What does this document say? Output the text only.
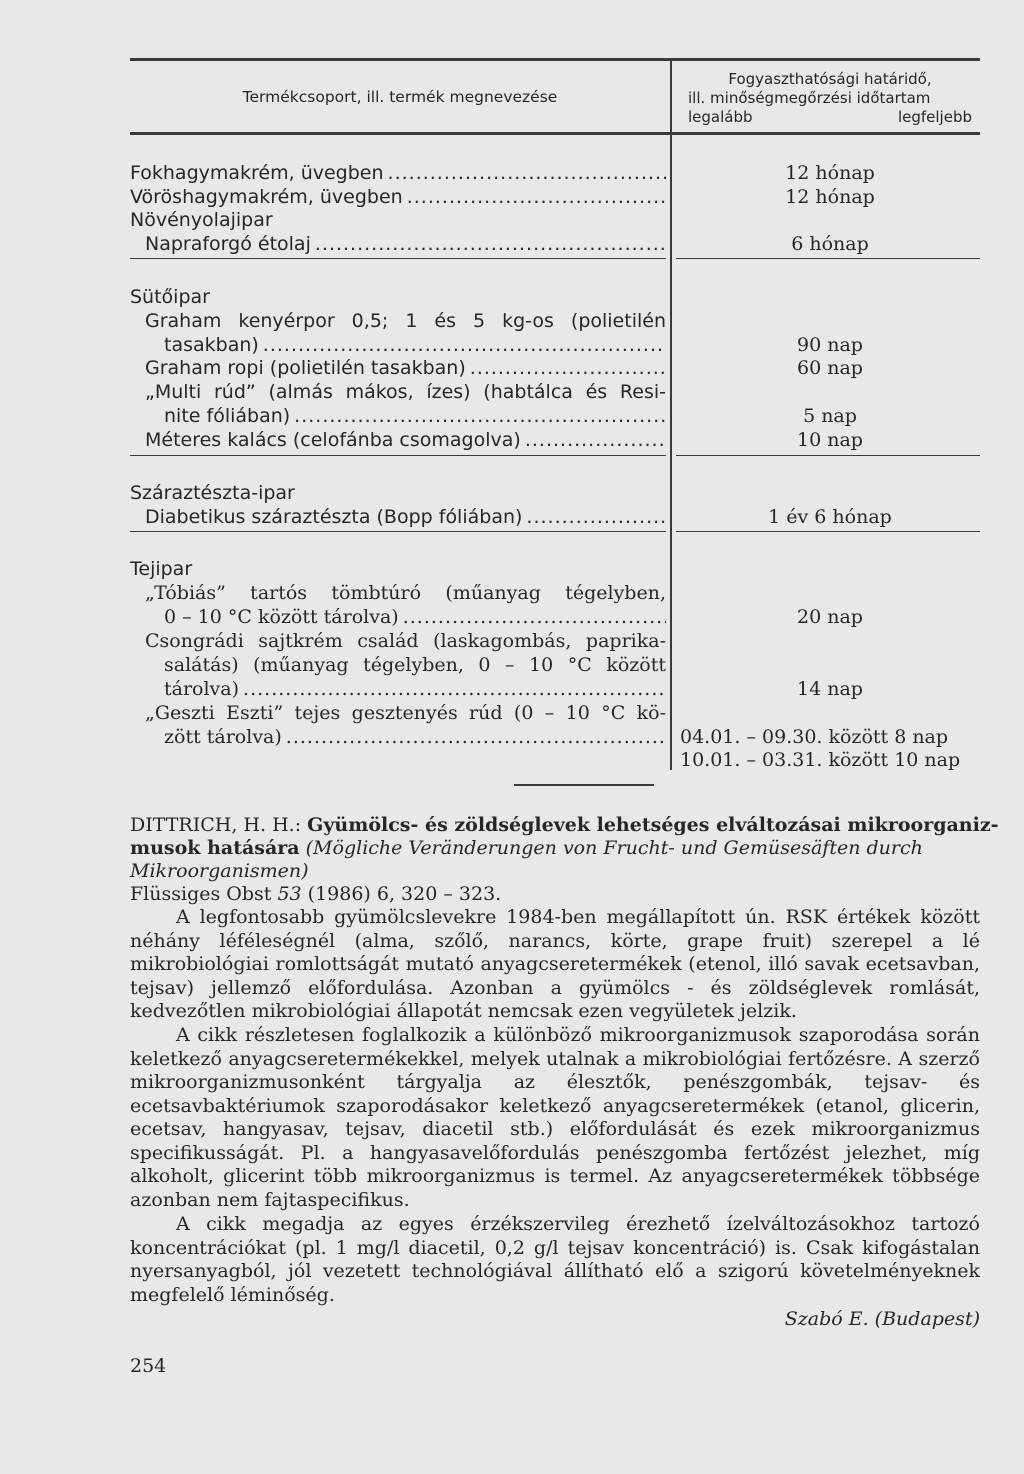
Termékcsoport, ill. termék megnevezése
Fogyaszthatósági határidő,
ill. minőségmegőrzési időtartam
legalább	legfeljebb
Fokhagymakrém, üvegben .....	12 hónap
Vöröshagymakrém, üvegben .....	12 hónap
Növényolajipar
Napraforgó étolaj .....	6 hónap
Sütőipar
Graham kenyérpor 0,5; 1 és 5 kg-os (polietilén
tasakban) .....	90 nap
Graham ropi (polietilén tasakban) .....	60 nap
„Multi rúd” (almás mákos, ízes) (habtálca és Resi-
nite fóliában) .....	5 nap
Méteres kalács (celofánba csomagolva) .....	10 nap
Száraztészta-ipar
Diabetikus száraztészta (Bopp fóliában) .....	1 év 6 hónap
Tejipar
„Tóbiás” tartós tömbtúró (műanyag tégelyben,
0 – 10 °C között tárolva) .....	20 nap
Csongrádi sajtkrém család (laskagombás, paprika-
salátás) (műanyag tégelyben, 0 – 10 °C között
tárolva) .....	14 nap
„Geszti Eszti” tejes gesztenyés rúd (0 – 10 °C kö-
zött tárolva) .....	04.01. – 09.30. között 8 nap
10.01. – 03.31. között 10 nap
DITTRICH, H. H.: Gyümölcs- és zöldséglevek lehetséges elváltozásai mikroorganiz-
musok hatására (Mögliche Veränderungen von Frucht- und Gemüsesäften durch
Mikroorganismen)
Flüssiges Obst 53 (1986) 6, 320 – 323.
A legfontosabb gyümölcslevekre 1984-ben megállapított ún. RSK értékek között néhány léféleségnél (alma, szőlő, narancs, körte, grape fruit) szerepel a lé mikrobiológiai romlottságát mutató anyagcseretermékek (etenol, illó savak ecetsavban, tejsav) jellemző előfordulása. Azonban a gyümölcs - és zöldséglevek romlását, kedvezőtlen mikrobiológiai állapotát nemcsak ezen vegyületek jelzik.
A cikk részletesen foglalkozik a különböző mikroorganizmusok szaporodása során keletkező anyagcseretermékekkel, melyek utalnak a mikrobiológiai fertőzésre. A szerző mikroorganizmusonként tárgyalja az élesztők, penészgombák, tejsav- és ecetsavbaktériumok szaporodásakor keletkező anyagcseretermékek (etanol, glicerin, ecetsav, hangyasav, tejsav, diacetil stb.) előfordulását és ezek mikroorganizmus specifikusságát. Pl. a hangyasavelőfordulás penészgomba fertőzést jelezhet, míg alkoholt, glicerint több mikroorganizmus is termel. Az anyagcseretermékek többsége azonban nem fajtaspecifikus.
A cikk megadja az egyes érzékszervileg érezhető ízelváltozásokhoz tartozó koncentrációkat (pl. 1 mg/l diacetil, 0,2 g/l tejsav koncentráció) is. Csak kifogástalan nyersanyagból, jól vezetett technológiával állítható elő a szigorú követelményeknek megfelelő léminőség.
Szabó E. (Budapest)
254
